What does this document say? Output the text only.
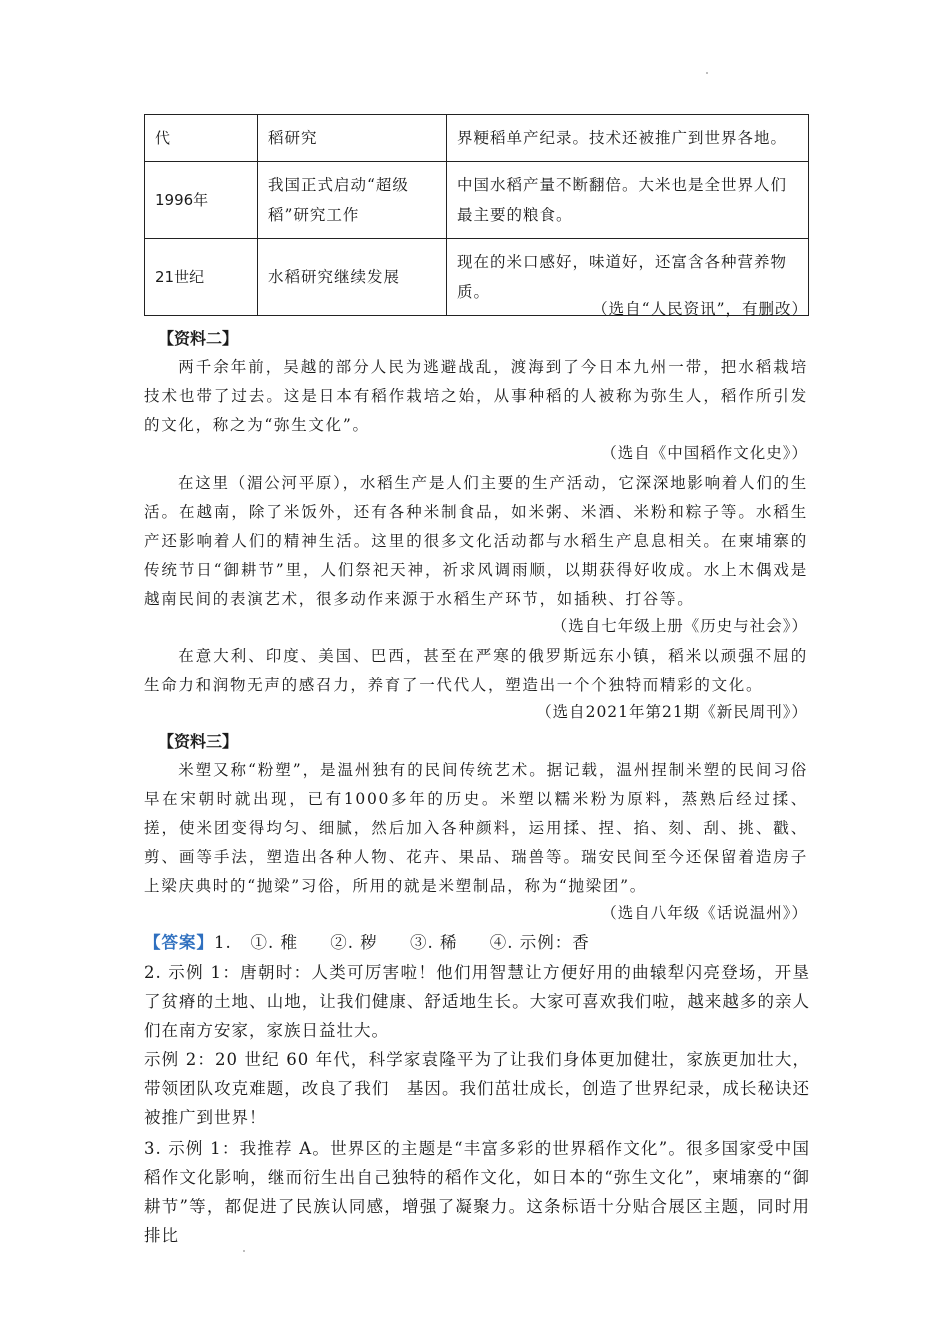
代	稻研究	界粳稻单产纪录。技术还被推广到世界各地。
1996年	我国正式启动“超级稻”研究工作	中国水稻产量不断翻倍。大米也是全世界人们最主要的粮食。
21世纪	水稻研究继续发展	现在的米口感好，味道好，还富含各种营养物质。
（选自“人民资讯”，有删改）
【资料二】
两千余年前，吴越的部分人民为逃避战乱，渡海到了今日本九州一带，把水稻栽培技术也带了过去。这是日本有稻作栽培之始，从事种稻的人被称为弥生人，稻作所引发的文化，称之为“弥生文化”。
（选自《中国稻作文化史》）
在这里（湄公河平原），水稻生产是人们主要的生产活动，它深深地影响着人们的生活。在越南，除了米饭外，还有各种米制食品，如米粥、米酒、米粉和粽子等。水稻生产还影响着人们的精神生活。这里的很多文化活动都与水稻生产息息相关。在柬埔寨的传统节日“御耕节”里，人们祭祀天神，祈求风调雨顺，以期获得好收成。水上木偶戏是越南民间的表演艺术，很多动作来源于水稻生产环节，如插秧、打谷等。
（选自七年级上册《历史与社会》）
在意大利、印度、美国、巴西，甚至在严寒的俄罗斯远东小镇，稻米以顽强不屈的生命力和润物无声的感召力，养育了一代代人，塑造出一个个独特而精彩的文化。
（选自2021年第21期《新民周刊》）
【资料三】
米塑又称“粉塑”，是温州独有的民间传统艺术。据记载，温州捏制米塑的民间习俗早在宋朝时就出现，已有1000多年的历史。米塑以糯米粉为原料，蒸熟后经过揉、搓，使米团变得均匀、细腻，然后加入各种颜料，运用揉、捏、掐、刻、刮、挑、戳、剪、画等手法，塑造出各种人物、花卉、果品、瑞兽等。瑞安民间至今还保留着造房子上梁庆典时的“抛梁”习俗，所用的就是米塑制品，称为“抛梁团”。
（选自八年级《话说温州》）
【答案】1. ①. 稚 ②. 秽 ③. 稀 ④. 示例：香
2. 示例 1：唐朝时：人类可厉害啦！他们用智慧让方便好用的曲辕犁闪亮登场，开垦了贫瘠的土地、山地，让我们健康、舒适地生长。大家可喜欢我们啦，越来越多的亲人们在南方安家，家族日益壮大。
示例 2：20 世纪 60 年代，科学家袁隆平为了让我们身体更加健壮，家族更加壮大，带领团队攻克难题，改良了我们　基因。我们茁壮成长，创造了世界纪录，成长秘诀还被推广到世界！
3. 示例 1：我推荐 A。世界区的主题是“丰富多彩的世界稻作文化”。很多国家受中国稻作文化影响，继而衍生出自己独特的稻作文化，如日本的“弥生文化”，柬埔寨的“御耕节”等，都促进了民族认同感，增强了凝聚力。这条标语十分贴合展区主题，同时用排比
